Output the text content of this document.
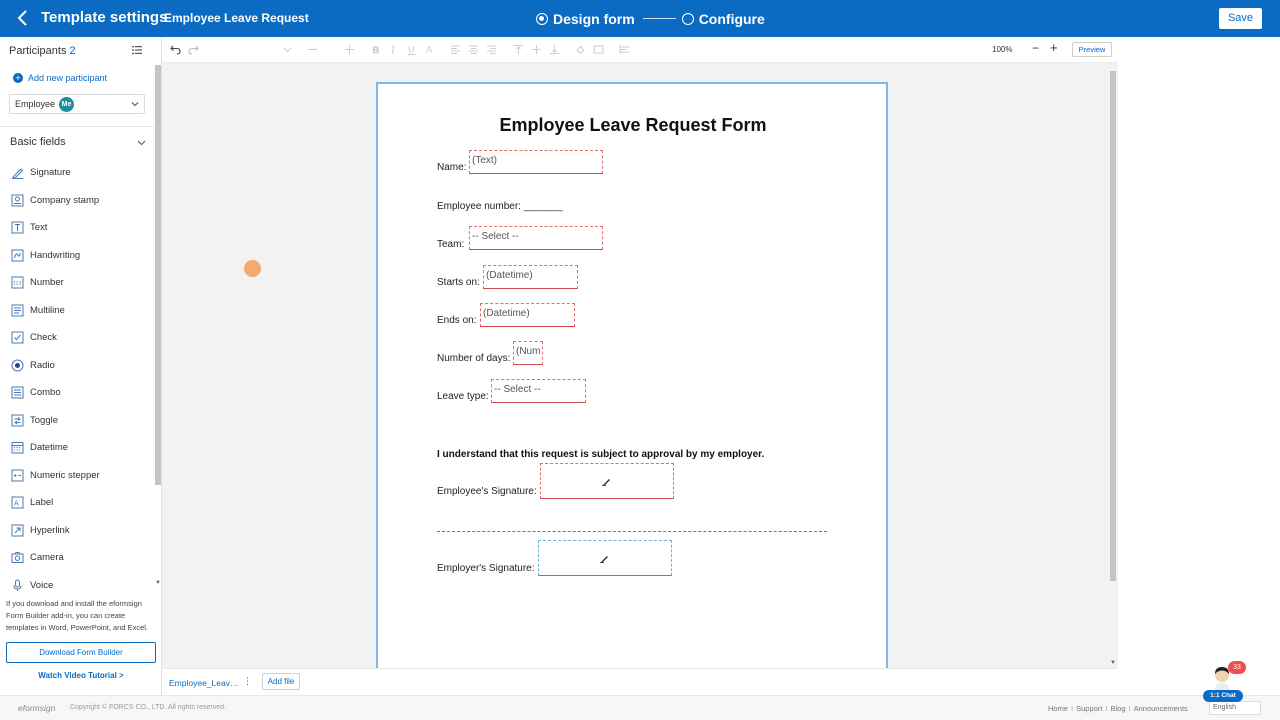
Template settings
Employee Leave Request	Design form	Configure	Save
Participants 2
+ Add new participant
Employee Me
Basic fields
Signature
Company stamp
Text
Handwriting
123 Number
Multiline
Check
Radio
Combo
Toggle
Datetime
Numeric stepper
A Label
Hyperlink
Camera
Voice	▼
If you download and install the eformsign Form Builder add-in, you can create templates in Word, PowerPoint, and Excel.
Download Form Builder
Watch Video Tutorial >
B I U A	100% − +	Preview
Employee Leave Request Form
Name:
(Text)
Employee number: _______
Team:
-- Select --
Starts on:
(Datetime)
Ends on:
(Datetime)
Number of days:
(Num
Leave type:
-- Select --
I understand that this request is subject to approval by my employer.
Employee's Signature:
Employer's Signature:
▼
Employee_Leav… ⋮	Add file
eformsign Copyright © FORCS CO., LTD. All rights reserved.	Home I Support I Blog I Announcements	English
33
1:1 Chat
